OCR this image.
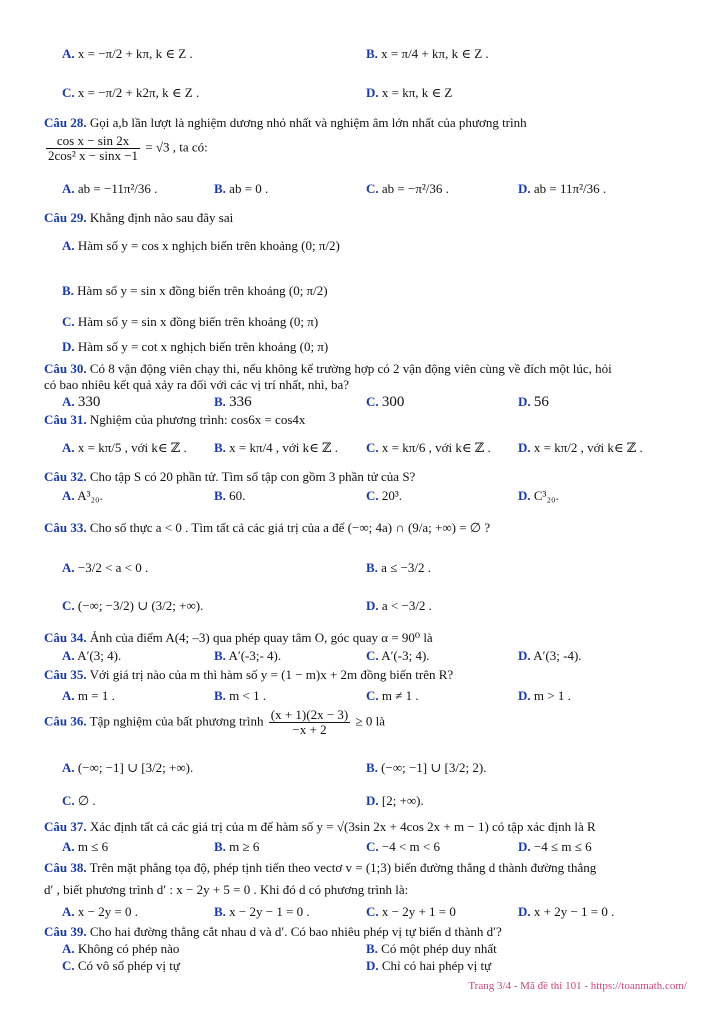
A. x = −π/2 + kπ, k ∈ Z .	B. x = π/4 + kπ, k ∈ Z .
C. x = −π/2 + k2π, k ∈ Z .	D. x = kπ, k ∈ Z
Câu 28. Gọi a,b lần lượt là nghiệm dương nhỏ nhất và nghiệm âm lớn nhất của phương trình
$\frac{\text{cos x − sin 2x}}{\text{2cos² x − sinx −1}} = √3$ , ta có:
A. ab = −11π²/36 .	B. ab = 0 .	C. ab = −π²/36 .	D. ab = 11π²/36 .
Câu 29. Khẳng định nào sau đây sai
A. Hàm số y = cos x nghịch biến trên khoảng (0; π/2)
B. Hàm số y = sin x đồng biến trên khoảng (0; π/2)
C. Hàm số y = sin x đồng biến trên khoảng (0; π)
D. Hàm số y = cot x nghịch biến trên khoảng (0; π)
Câu 30. Có 8 vận động viên chạy thi, nếu không kể trường hợp có 2 vận động viên cùng về đích một lúc, hỏi
có bao nhiêu kết quả xảy ra đối với các vị trí nhất, nhì, ba?
A. 330	B. 336	C. 300	D. 56
Câu 31. Nghiệm của phương trình: cos6x = cos4x
A. x = kπ/5 , với k∈ ℤ . B. x = kπ/4 , với k∈ ℤ . C. x = kπ/6 , với k∈ ℤ . D. x = kπ/2 , với k∈ ℤ .
Câu 32. Cho tập S có 20 phần tử. Tìm số tập con gồm 3 phần tử của S?
A. A³₂₀.	B. 60.	C. 20³.	D. C³₂₀.
Câu 33. Cho số thực a < 0 . Tìm tất cả các giá trị của a để (−∞; 4a) ∩ (9/a; +∞) = ∅ ?
A. −3/2 < a < 0 .	B. a ≤ −3/2 .
C. (−∞; −3/2) ∪ (3/2; +∞).	D. a < −3/2 .
Câu 34. Ảnh của điểm A(4; –3) qua phép quay tâm O, góc quay α = 90⁰ là
A. A′(3; 4).	B. A′(-3;- 4).	C. A′(-3; 4).	D. A′(3; -4).
Câu 35. Với giá trị nào của m thì hàm số y = (1 − m)x + 2m đồng biến trên R?
A. m = 1 .	B. m < 1 .	C. m ≠ 1 .	D. m > 1 .
Câu 36. Tập nghiệm của bất phương trình $\frac{(x + 1)(2x - 3)}{-x + 2} \ge 0$ là
A. (−∞; −1] ∪ [3/2; +∞).	B. (−∞; −1] ∪ [3/2; 2).
C. ∅ .	D. [2; +∞).
Câu 37. Xác định tất cả các giá trị của m để hàm số y = √(3sin 2x + 4cos 2x + m − 1) có tập xác định là R
A. m ≤ 6	B. m ≥ 6	C. −4 < m < 6	D. −4 ≤ m ≤ 6
Câu 38. Trên mặt phẳng tọa độ, phép tịnh tiến theo vectơ v = (1;3) biến đường thẳng d thành đường thẳng
d′ , biết phương trình d′ : x − 2y + 5 = 0 . Khi đó d có phương trình là:
A. x − 2y = 0 .	B. x − 2y − 1 = 0 .	C. x − 2y + 1 = 0	D. x + 2y − 1 = 0 .
Câu 39. Cho hai đường thẳng cắt nhau d và d′. Có bao nhiêu phép vị tự biến d thành d′?
A. Không có phép nào	B. Có một phép duy nhất
C. Có vô số phép vị tự	D. Chỉ có hai phép vị tự
Trang 3/4 - Mã đề thi 101 - https://toanmath.com/
